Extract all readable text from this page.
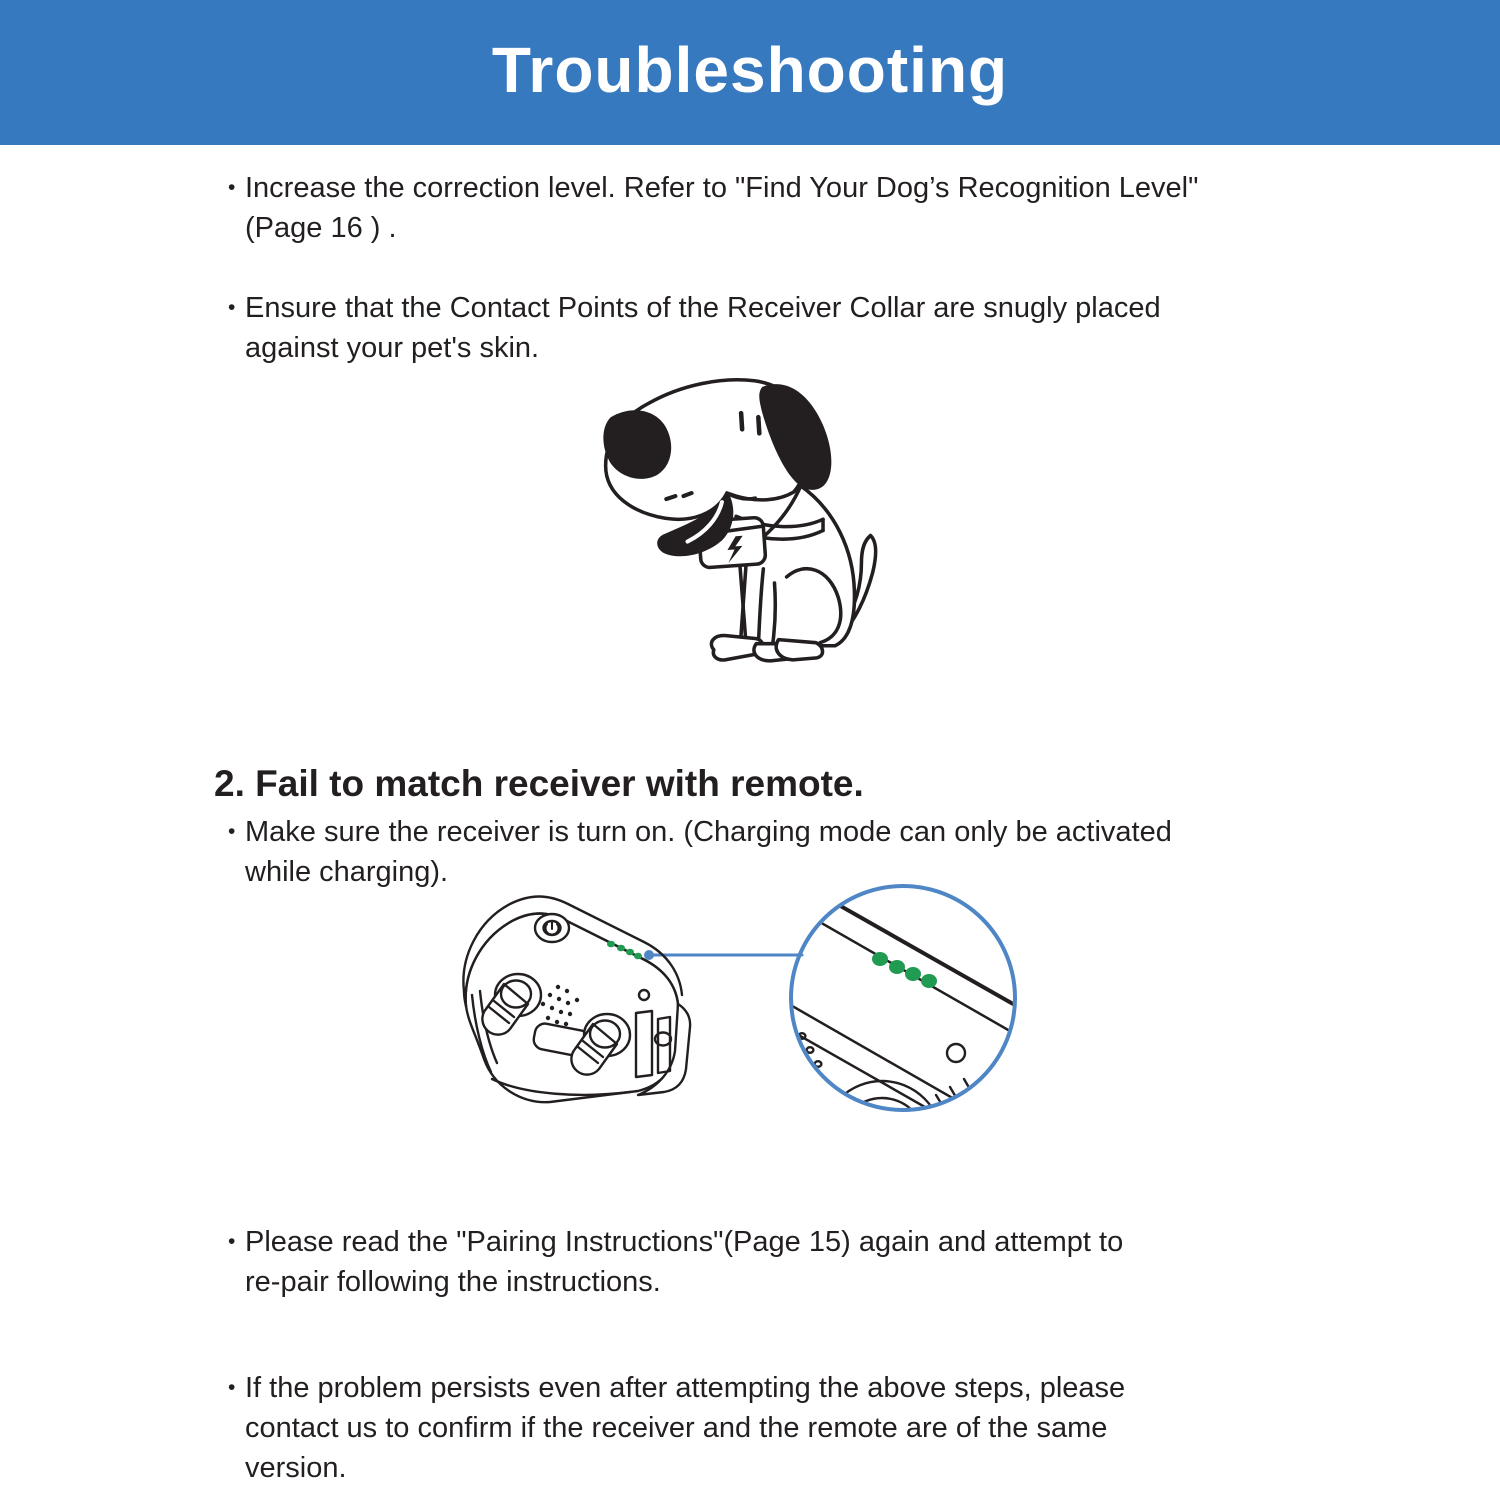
Troubleshooting
• Increase the correction level. Refer to "Find Your Dog’s Recognition Level"
(Page 16 ) .
• Ensure that the Contact Points of the Receiver Collar are snugly placed
against your pet's skin.
2. Fail to match receiver with remote.
• Make sure the receiver is turn on. (Charging mode can only be activated
while charging).
• Please read the "Pairing Instructions"(Page 15) again and attempt to
re-pair following the instructions.
• If the problem persists even after attempting the above steps, please
contact us to confirm if the receiver and the remote are of the same
version.
